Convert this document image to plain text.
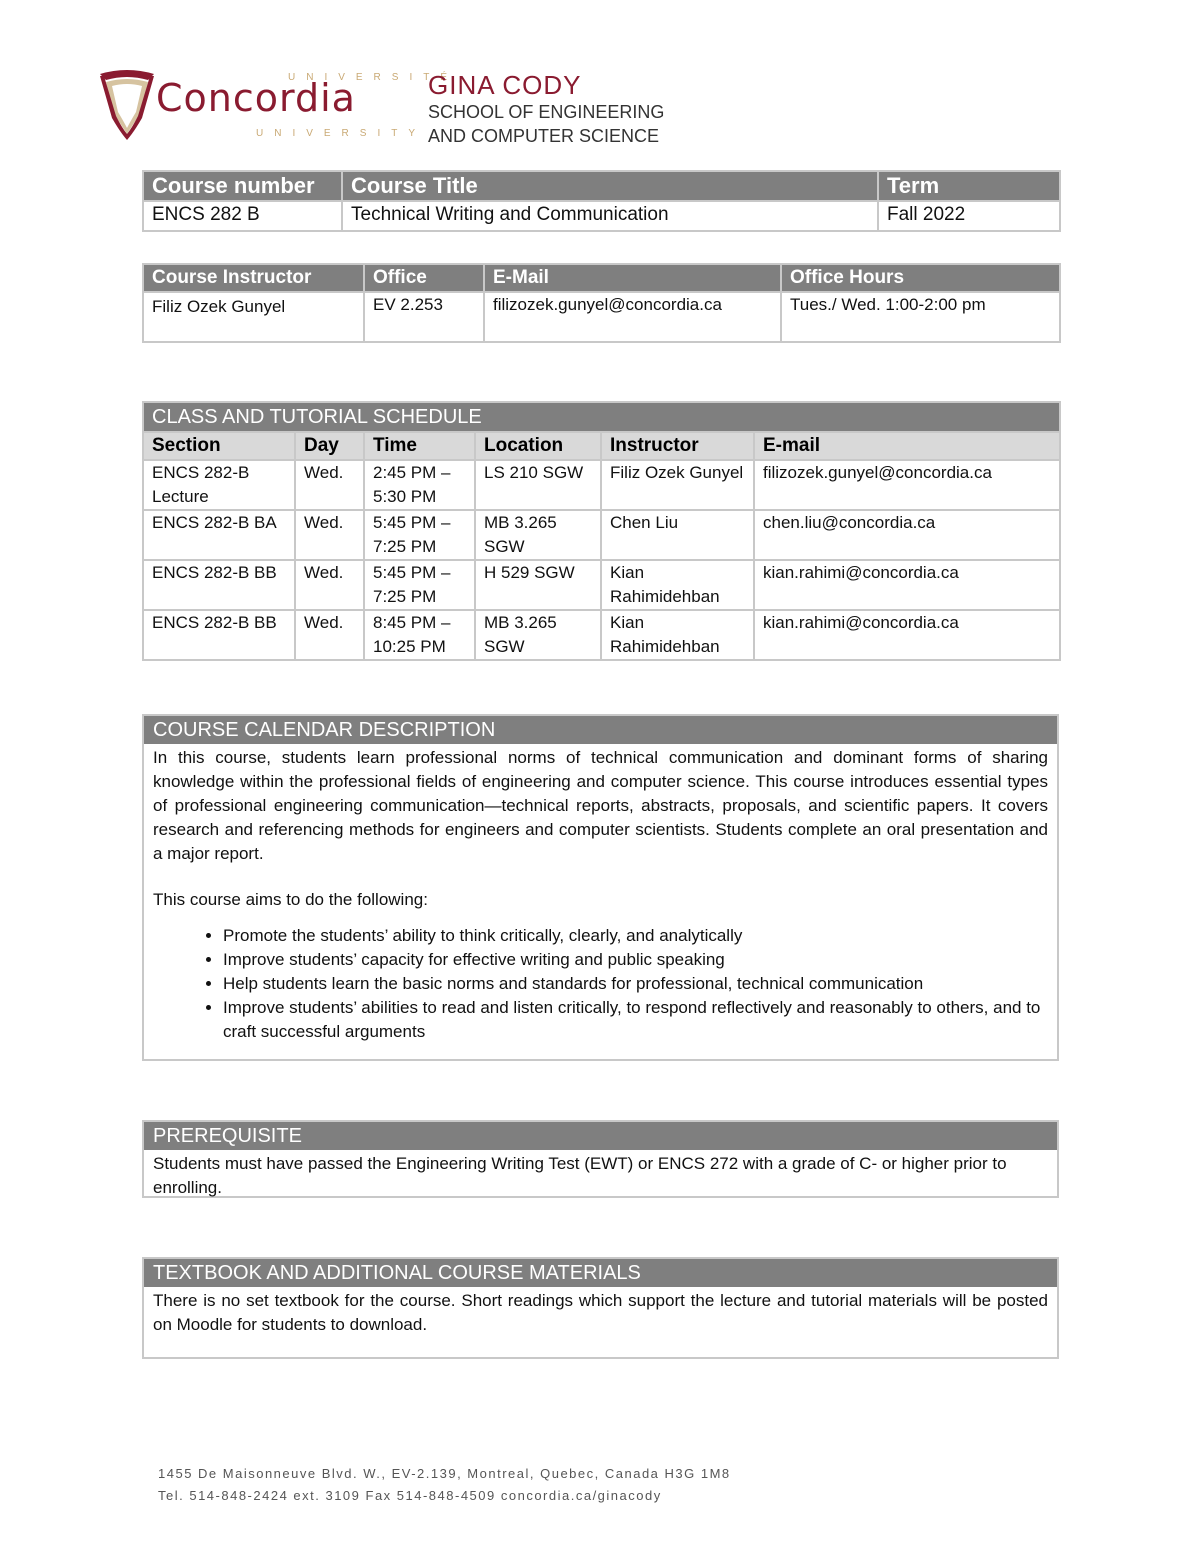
UNIVERSITÉ
Concordia
UNIVERSITY
GINA CODY
SCHOOL OF ENGINEERING
AND COMPUTER SCIENCE
Course number	Course Title	Term
ENCS 282 B	Technical Writing and Communication	Fall 2022
Course Instructor	Office	E-Mail	Office Hours
Filiz Ozek Gunyel	EV 2.253	filizozek.gunyel@concordia.ca	Tues./ Wed. 1:00-2:00 pm
CLASS AND TUTORIAL SCHEDULE					
Section	Day	Time	Location	Instructor	E-mail
ENCS 282-B Lecture	Wed.	2:45 PM – 5:30 PM	LS 210 SGW	Filiz Ozek Gunyel	filizozek.gunyel@concordia.ca
ENCS 282-B BA	Wed.	5:45 PM – 7:25 PM	MB 3.265 SGW	Chen Liu	chen.liu@concordia.ca
ENCS 282-B BB	Wed.	5:45 PM – 7:25 PM	H 529 SGW	Kian Rahimidehban	kian.rahimi@concordia.ca
ENCS 282-B BB	Wed.	8:45 PM – 10:25 PM	MB 3.265 SGW	Kian Rahimidehban	kian.rahimi@concordia.ca
COURSE CALENDAR DESCRIPTION
In this course, students learn professional norms of technical communication and dominant forms of sharing knowledge within the professional fields of engineering and computer science. This course introduces essential types of professional engineering communication—technical reports, abstracts, proposals, and scientific papers. It covers research and referencing methods for engineers and computer scientists. Students complete an oral presentation and a major report.
This course aims to do the following:
• Promote the students’ ability to think critically, clearly, and analytically
• Improve students’ capacity for effective writing and public speaking
• Help students learn the basic norms and standards for professional, technical communication
• Improve students’ abilities to read and listen critically, to respond reflectively and reasonably to others, and to craft successful arguments
PREREQUISITE
Students must have passed the Engineering Writing Test (EWT) or ENCS 272 with a grade of C- or higher prior to enrolling.
TEXTBOOK AND ADDITIONAL COURSE MATERIALS
There is no set textbook for the course. Short readings which support the lecture and tutorial materials will be posted on Moodle for students to download.
1455 De Maisonneuve Blvd. W., EV-2.139, Montreal, Quebec, Canada H3G 1M8
Tel. 514-848-2424 ext. 3109 Fax 514-848-4509 concordia.ca/ginacody
